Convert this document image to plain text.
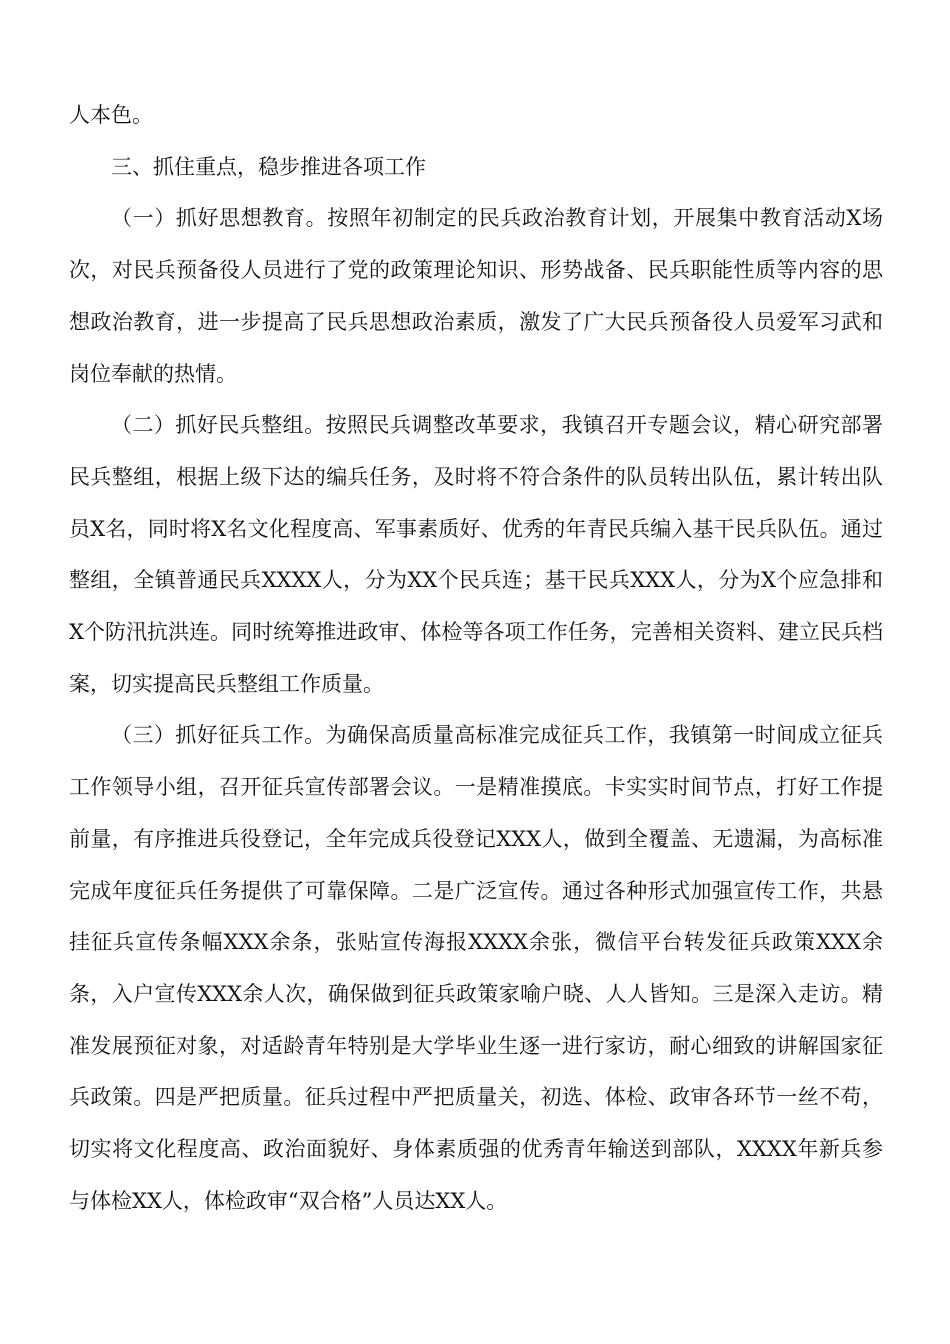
人本色。

三、抓住重点，稳步推进各项工作

（一）抓好思想教育。按照年初制定的民兵政治教育计划，开展集中教育活动X场次，对民兵预备役人员进行了党的政策理论知识、形势战备、民兵职能性质等内容的思想政治教育，进一步提高了民兵思想政治素质，激发了广大民兵预备役人员爱军习武和岗位奉献的热情。

（二）抓好民兵整组。按照民兵调整改革要求，我镇召开专题会议，精心研究部署民兵整组，根据上级下达的编兵任务，及时将不符合条件的队员转出队伍，累计转出队员X名，同时将X名文化程度高、军事素质好、优秀的年青民兵编入基干民兵队伍。通过整组，全镇普通民兵XXXX人，分为XX个民兵连；基干民兵XXX人，分为X个应急排和X个防汛抗洪连。同时统筹推进政审、体检等各项工作任务，完善相关资料、建立民兵档案，切实提高民兵整组工作质量。

（三）抓好征兵工作。为确保高质量高标准完成征兵工作，我镇第一时间成立征兵工作领导小组，召开征兵宣传部署会议。一是精准摸底。卡实实时间节点，打好工作提前量，有序推进兵役登记，全年完成兵役登记XXX人，做到全覆盖、无遗漏，为高标准完成年度征兵任务提供了可靠保障。二是广泛宣传。通过各种形式加强宣传工作，共悬挂征兵宣传条幅XXX余条，张贴宣传海报XXXX余张，微信平台转发征兵政策XXX余条，入户宣传XXX余人次，确保做到征兵政策家喻户晓、人人皆知。三是深入走访。精准发展预征对象，对适龄青年特别是大学毕业生逐一进行家访，耐心细致的讲解国家征兵政策。四是严把质量。征兵过程中严把质量关，初选、体检、政审各环节一丝不苟，切实将文化程度高、政治面貌好、身体素质强的优秀青年输送到部队，XXXX年新兵参与体检XX人，体检政审“双合格”人员达XX人。
